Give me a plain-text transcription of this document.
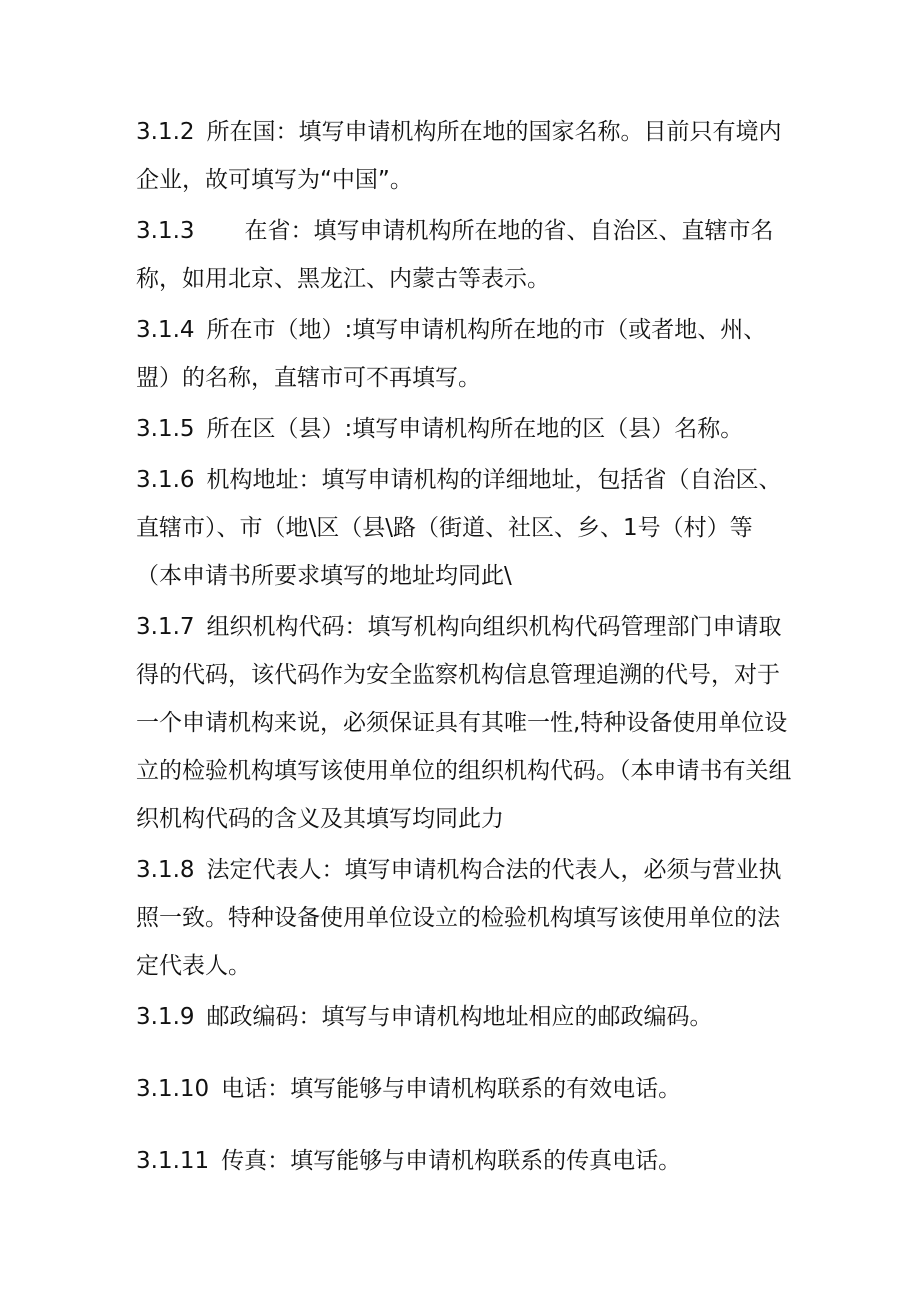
3.1.2 所在国：填写申请机构所在地的国家名称。目前只有境内企业，故可填写为“中国”。

3.1.3 在省：填写申请机构所在地的省、自治区、直辖市名称，如用北京、黑龙江、内蒙古等表示。

3.1.4 所在市（地）:填写申请机构所在地的市（或者地、州、盟）的名称，直辖市可不再填写。

3.1.5 所在区（县）:填写申请机构所在地的区（县）名称。

3.1.6 机构地址：填写申请机构的详细地址，包括省（自治区、直辖市）、市（地\区（县\路（街道、社区、乡、1号（村）等（本申请书所要求填写的地址均同此\

3.1.7 组织机构代码：填写机构向组织机构代码管理部门申请取得的代码，该代码作为安全监察机构信息管理追溯的代号，对于一个申请机构来说，必须保证具有其唯一性,特种设备使用单位设立的检验机构填写该使用单位的组织机构代码。（本申请书有关组织机构代码的含义及其填写均同此力

3.1.8 法定代表人：填写申请机构合法的代表人，必须与营业执照一致。特种设备使用单位设立的检验机构填写该使用单位的法定代表人。

3.1.9 邮政编码：填写与申请机构地址相应的邮政编码。

3.1.10 电话：填写能够与申请机构联系的有效电话。

3.1.11 传真：填写能够与申请机构联系的传真电话。
